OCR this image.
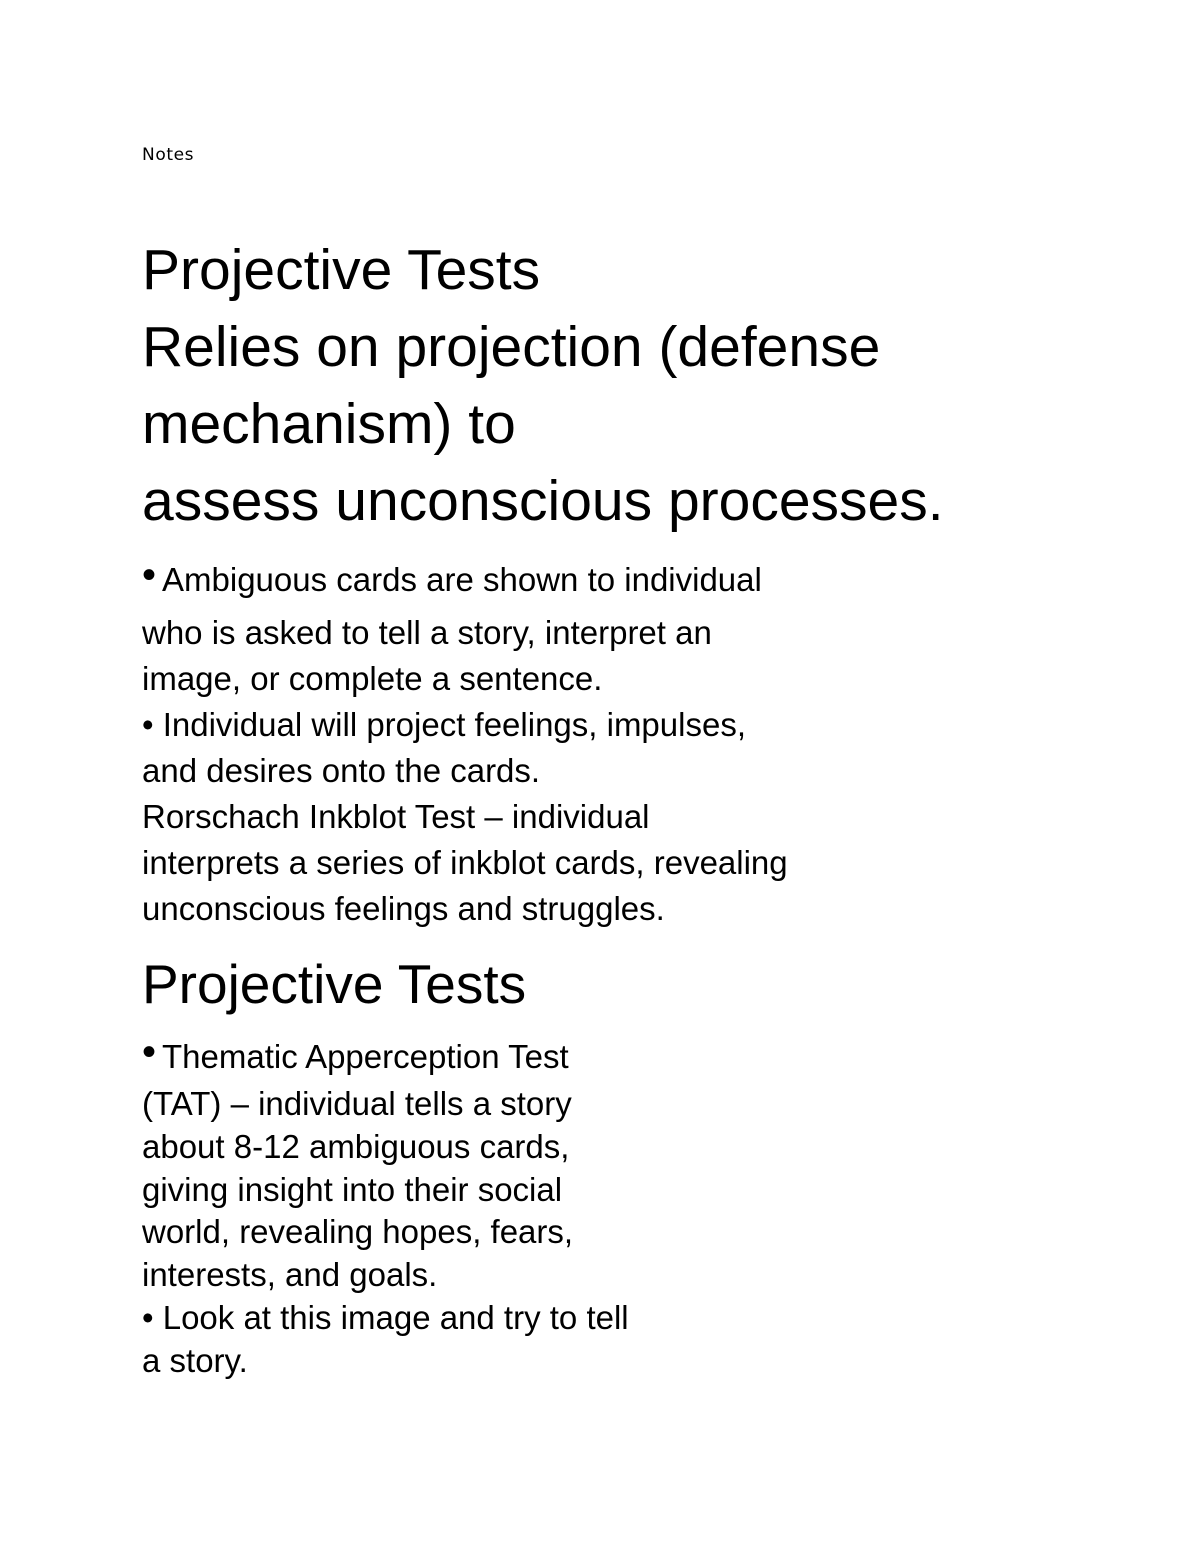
Notes
Projective Tests
Relies on projection (defense
mechanism) to
assess unconscious processes.
• Ambiguous cards are shown to individual
who is asked to tell a story, interpret an
image, or complete a sentence.
• Individual will project feelings, impulses,
and desires onto the cards.
Rorschach Inkblot Test – individual
interprets a series of inkblot cards, revealing
unconscious feelings and struggles.
Projective Tests
• Thematic Apperception Test
(TAT) – individual tells a story
about 8-12 ambiguous cards,
giving insight into their social
world, revealing hopes, fears,
interests, and goals.
• Look at this image and try to tell
a story.
